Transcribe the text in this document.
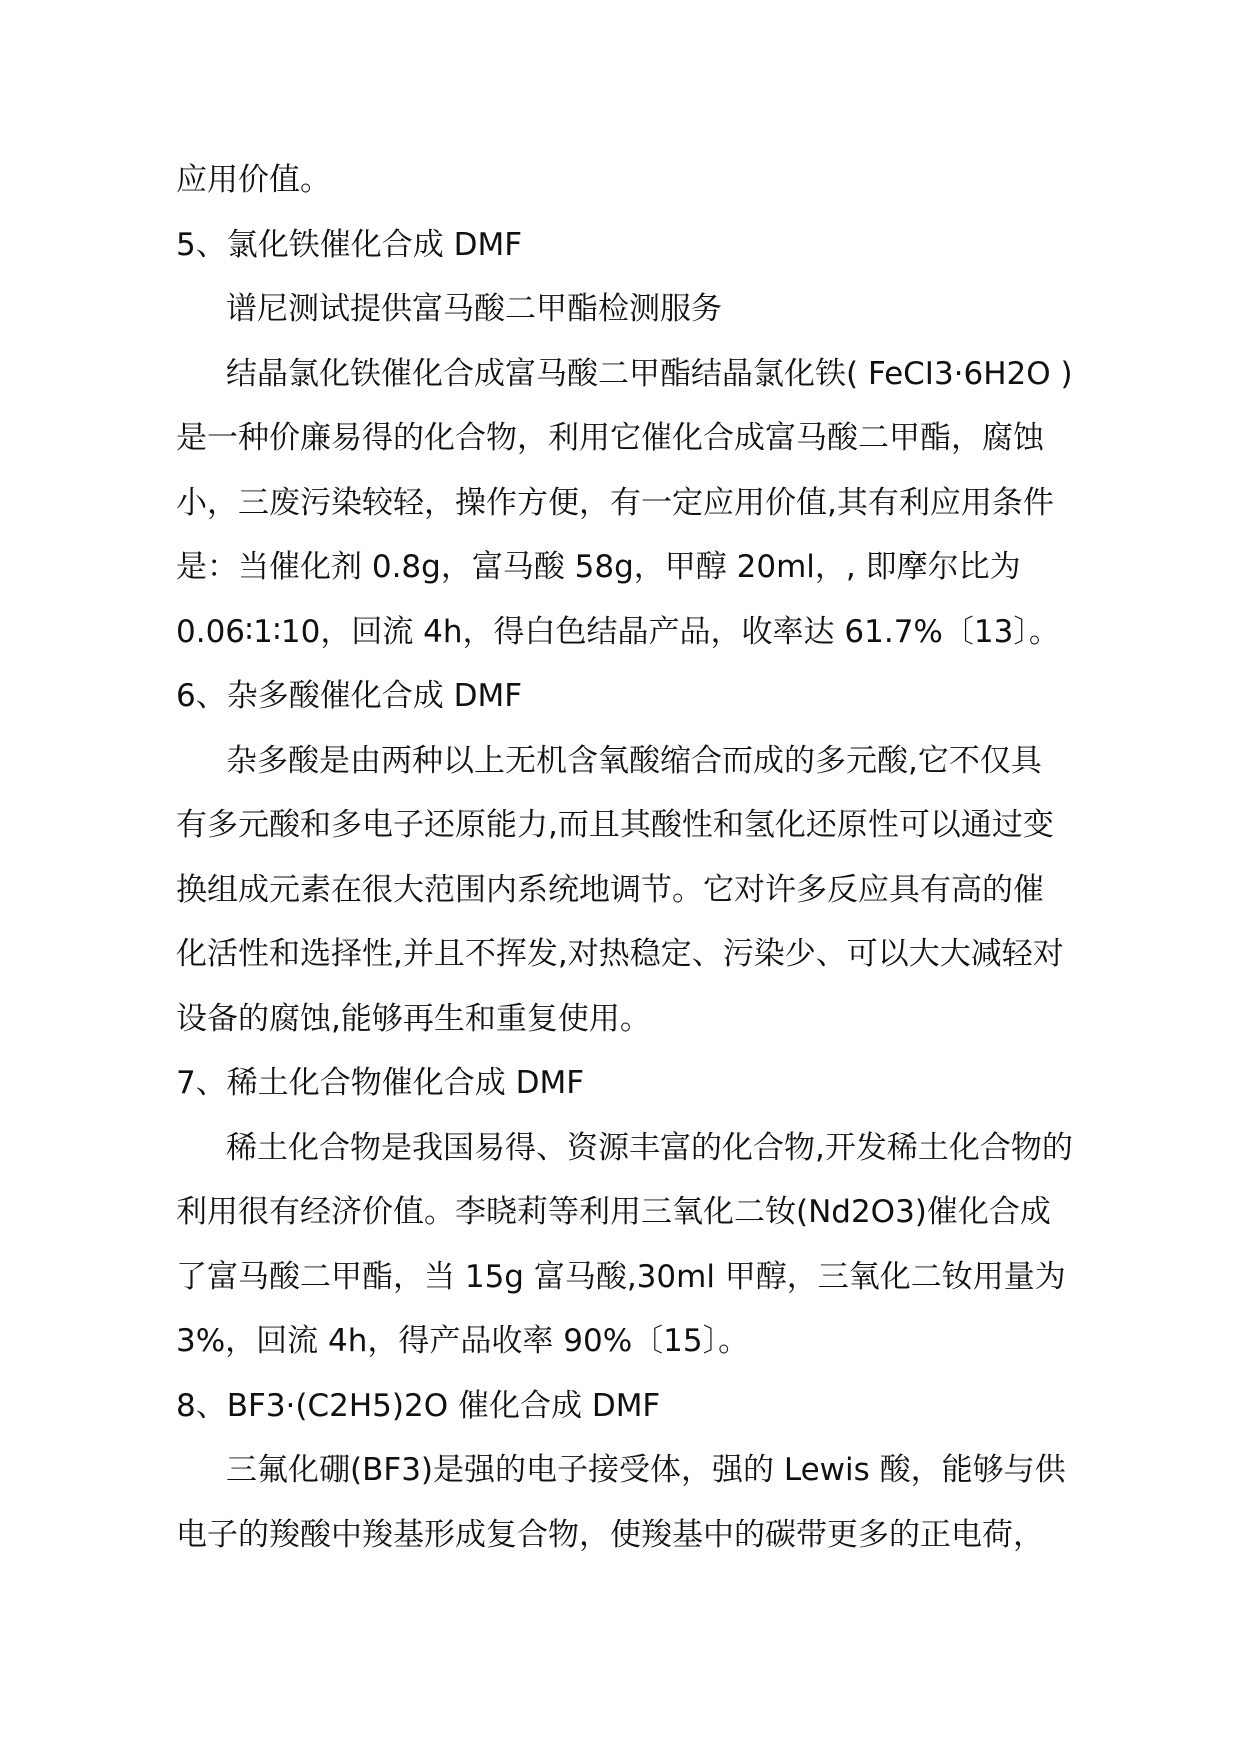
应用价值。

5、氯化铁催化合成 DMF

谱尼测试提供富马酸二甲酯检测服务

结晶氯化铁催化合成富马酸二甲酯结晶氯化铁( FeCI3·6H2O )

是一种价廉易得的化合物，利用它催化合成富马酸二甲酯，腐蚀

小，三废污染较轻，操作方便，有一定应用价值,其有利应用条件

是：当催化剂 0.8g，富马酸 58g，甲醇 20ml，, 即摩尔比为

0.06∶1∶10，回流 4h，得白色结晶产品，收率达 61.7%〔13〕。

6、杂多酸催化合成 DMF

杂多酸是由两种以上无机含氧酸缩合而成的多元酸,它不仅具

有多元酸和多电子还原能力,而且其酸性和氢化还原性可以通过变

换组成元素在很大范围内系统地调节。它对许多反应具有高的催

化活性和选择性,并且不挥发,对热稳定、污染少、可以大大减轻对

设备的腐蚀,能够再生和重复使用。

7、稀土化合物催化合成 DMF

稀土化合物是我国易得、资源丰富的化合物,开发稀土化合物的

利用很有经济价值。李晓莉等利用三氧化二钕(Nd2O3)催化合成

了富马酸二甲酯，当 15g 富马酸,30ml 甲醇，三氧化二钕用量为

3%，回流 4h，得产品收率 90%〔15〕。

8、BF3·(C2H5)2O 催化合成 DMF

三氟化硼(BF3)是强的电子接受体，强的 Lewis 酸，能够与供

电子的羧酸中羧基形成复合物，使羧基中的碳带更多的正电荷，
